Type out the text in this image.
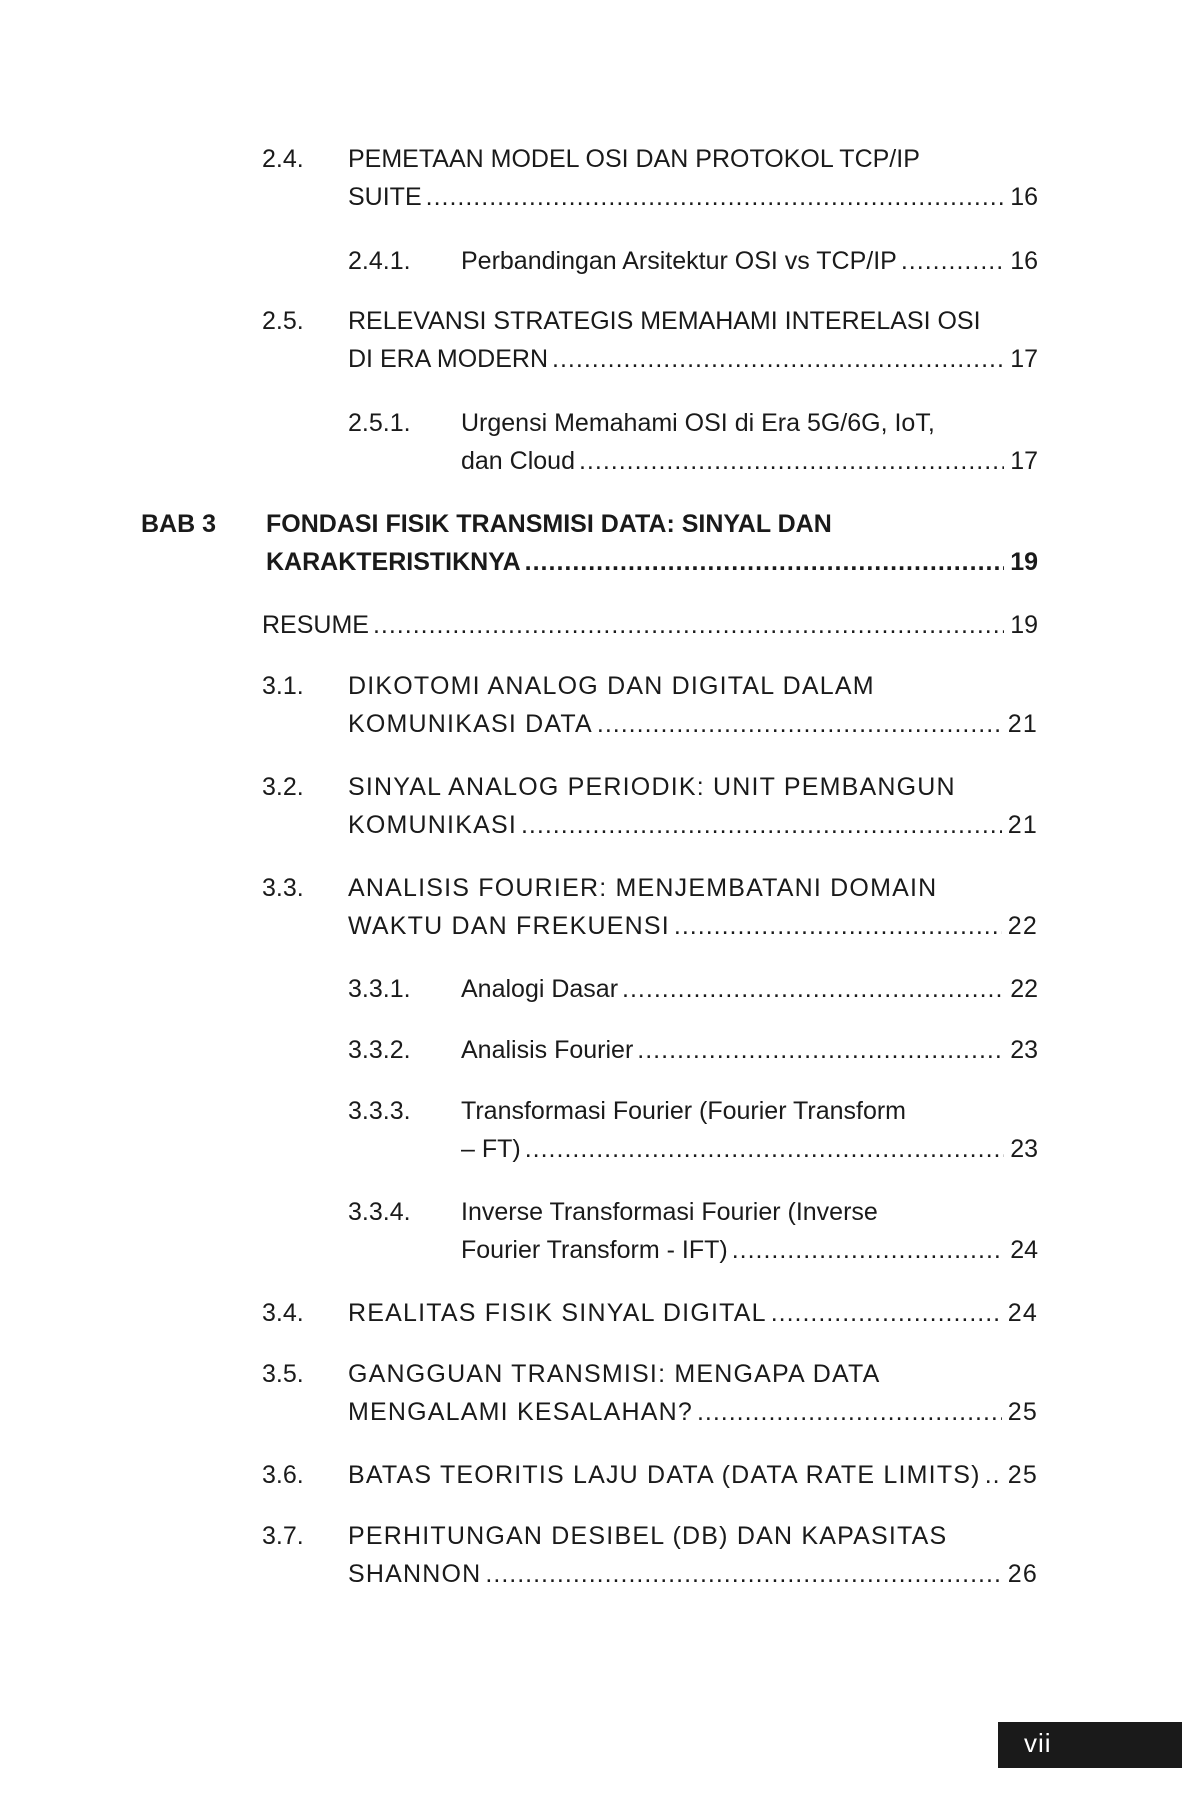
2.4. PEMETAAN MODEL OSI DAN PROTOKOL TCP/IP
SUITE .....	16
2.4.1. Perbandingan Arsitektur OSI vs TCP/IP .....	16
2.5. RELEVANSI STRATEGIS MEMAHAMI INTERELASI OSI
DI ERA MODERN .....	17
2.5.1. Urgensi Memahami OSI di Era 5G/6G, IoT,
dan Cloud .....	17
BAB 3 FONDASI FISIK TRANSMISI DATA: SINYAL DAN
KARAKTERISTIKNYA .....	19
RESUME .....	19
3.1. DIKOTOMI ANALOG DAN DIGITAL DALAM
KOMUNIKASI DATA .....	21
3.2. SINYAL ANALOG PERIODIK: UNIT PEMBANGUN
KOMUNIKASI .....	21
3.3. ANALISIS FOURIER: MENJEMBATANI DOMAIN
WAKTU DAN FREKUENSI .....	22
3.3.1. Analogi Dasar .....	22
3.3.2. Analisis Fourier .....	23
3.3.3. Transformasi Fourier (Fourier Transform
– FT) .....	23
3.3.4. Inverse Transformasi Fourier (Inverse
Fourier Transform - IFT) .....	24
3.4. REALITAS FISIK SINYAL DIGITAL .....	24
3.5. GANGGUAN TRANSMISI: MENGAPA DATA
MENGALAMI KESALAHAN? .....	25
3.6. BATAS TEORITIS LAJU DATA (DATA RATE LIMITS) ..... 25
3.7. PERHITUNGAN DESIBEL (DB) DAN KAPASITAS
SHANNON .....	26
vii
